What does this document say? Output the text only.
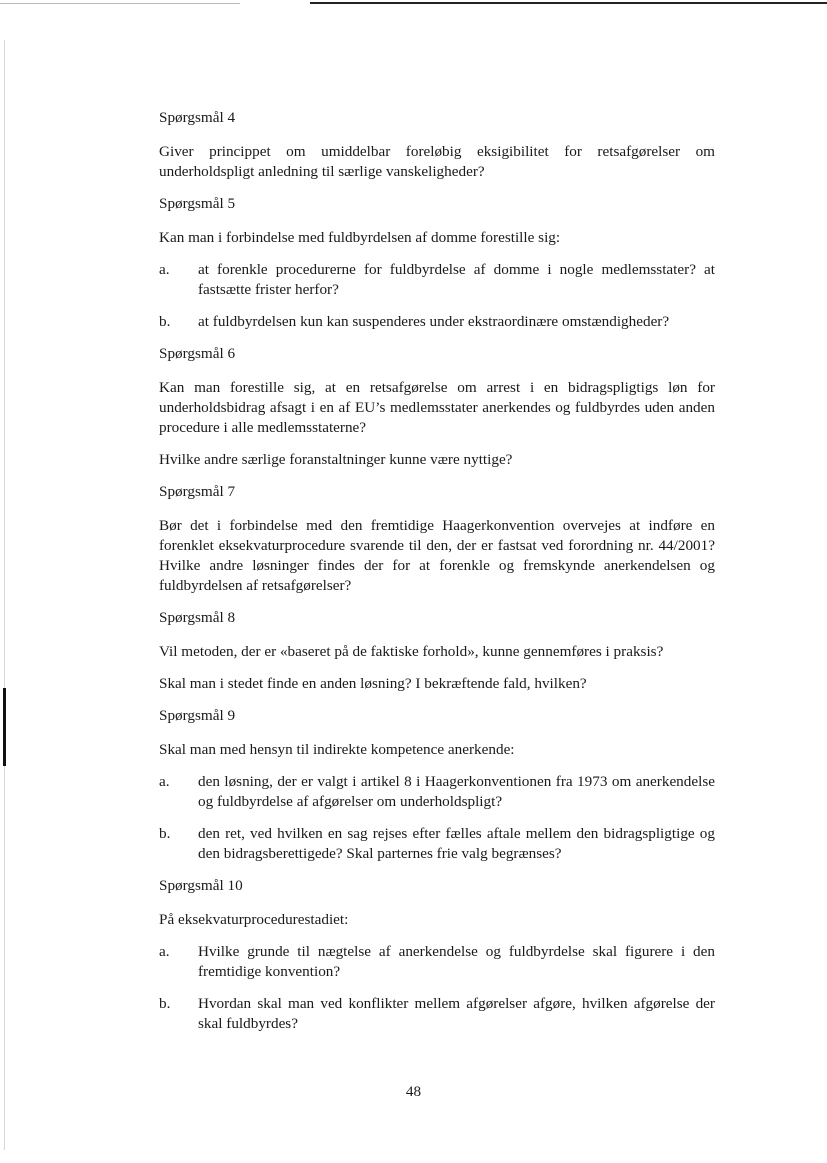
Spørgsmål 4

Giver princippet om umiddelbar foreløbig eksigibilitet for retsafgørelser om underholdspligt anledning til særlige vanskeligheder?

Spørgsmål 5

Kan man i forbindelse med fuldbyrdelsen af domme forestille sig:

a.	at forenkle procedurerne for fuldbyrdelse af domme i nogle medlemsstater? at fastsætte frister herfor?
b.	at fuldbyrdelsen kun kan suspenderes under ekstraordinære omstændigheder?
Spørgsmål 6

Kan man forestille sig, at en retsafgørelse om arrest i en bidragspligtigs løn for underholdsbidrag afsagt i en af EU’s medlemsstater anerkendes og fuldbyrdes uden anden procedure i alle medlemsstaterne?

Hvilke andre særlige foranstaltninger kunne være nyttige?

Spørgsmål 7

Bør det i forbindelse med den fremtidige Haagerkonvention overvejes at indføre en forenklet eksekvaturprocedure svarende til den, der er fastsat ved forordning nr. 44/2001? Hvilke andre løsninger findes der for at forenkle og fremskynde anerkendelsen og fuldbyrdelsen af retsafgørelser?

Spørgsmål 8

Vil metoden, der er «baseret på de faktiske forhold», kunne gennemføres i praksis?

Skal man i stedet finde en anden løsning? I bekræftende fald, hvilken?

Spørgsmål 9

Skal man med hensyn til indirekte kompetence anerkende:

a.	den løsning, der er valgt i artikel 8 i Haagerkonventionen fra 1973 om anerkendelse og fuldbyrdelse af afgørelser om underholdspligt?
b.	den ret, ved hvilken en sag rejses efter fælles aftale mellem den bidragspligtige og den bidragsberettigede? Skal parternes frie valg begrænses?
Spørgsmål 10

På eksekvaturprocedurestadiet:

a.	Hvilke grunde til nægtelse af anerkendelse og fuldbyrdelse skal figurere i den fremtidige konvention?
b.	Hvordan skal man ved konflikter mellem afgørelser afgøre, hvilken afgørelse der skal fuldbyrdes?
48
